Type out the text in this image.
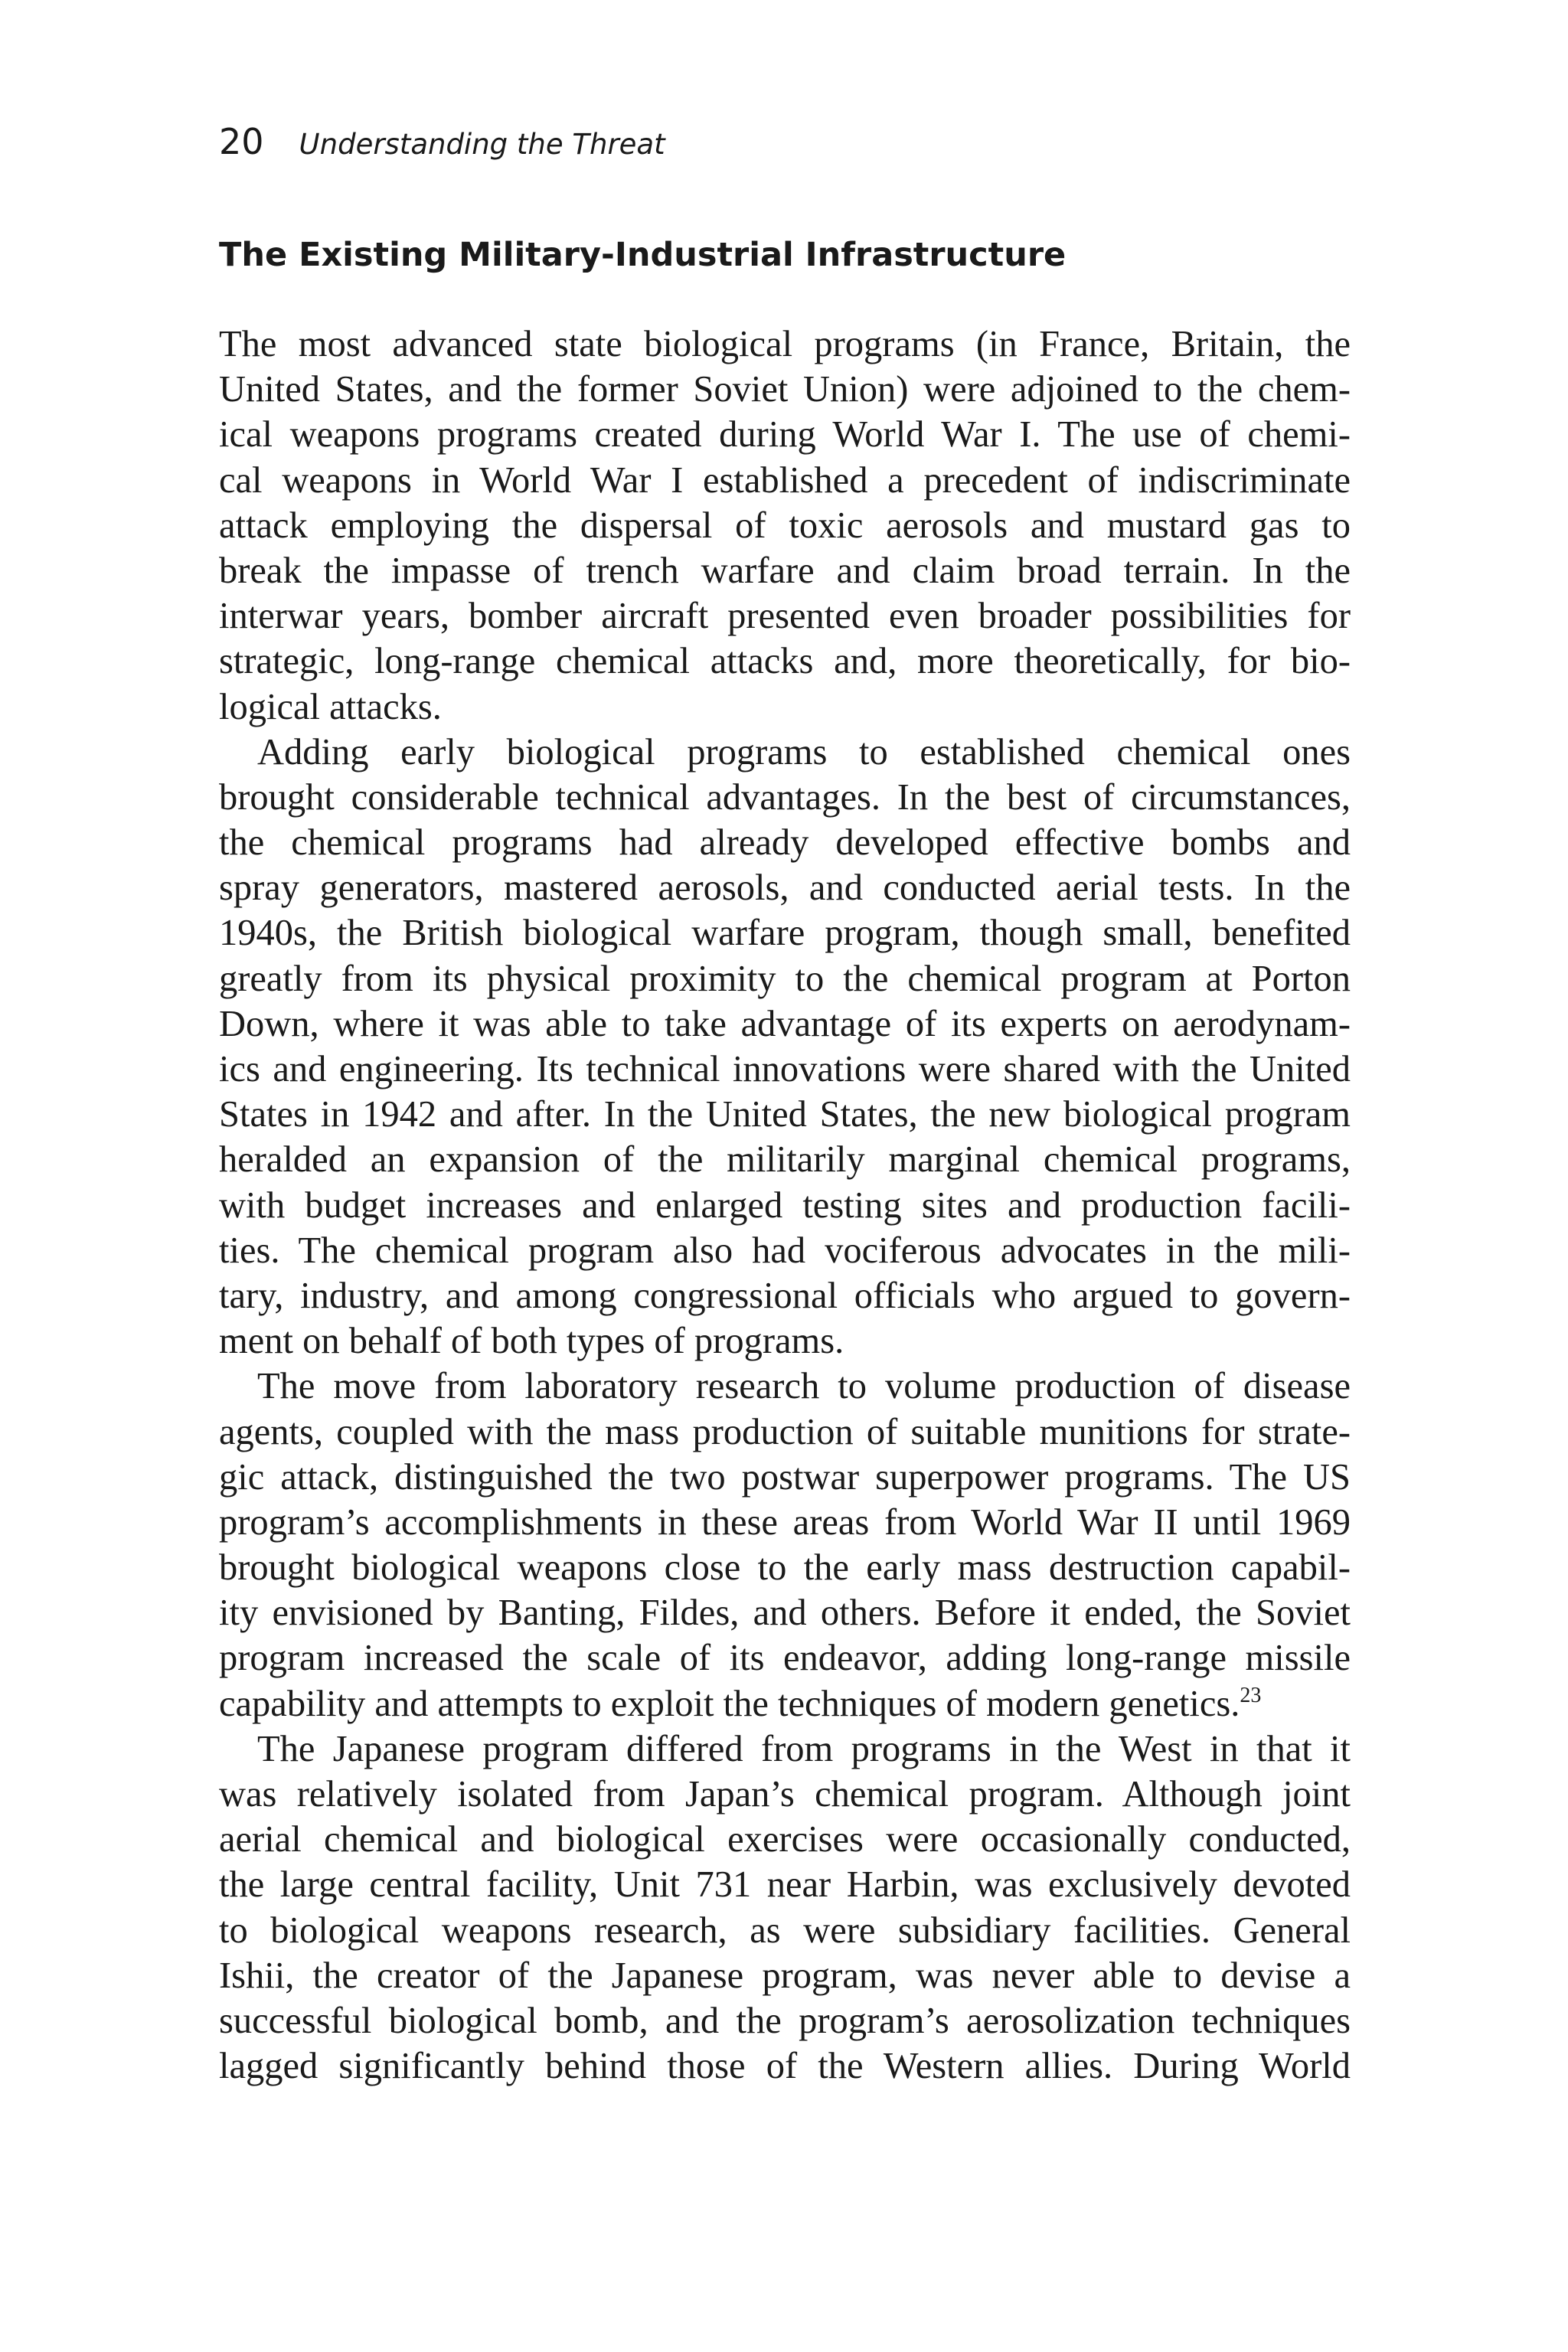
20 Understanding the Threat
The Existing Military-Industrial Infrastructure
The most advanced state biological programs (in France, Britain, the
United States, and the former Soviet Union) were adjoined to the chem-
ical weapons programs created during World War I. The use of chemi-
cal weapons in World War I established a precedent of indiscriminate
attack employing the dispersal of toxic aerosols and mustard gas to
break the impasse of trench warfare and claim broad terrain. In the
interwar years, bomber aircraft presented even broader possibilities for
strategic, long-range chemical attacks and, more theoretically, for bio-
logical attacks.
Adding early biological programs to established chemical ones
brought considerable technical advantages. In the best of circumstances,
the chemical programs had already developed effective bombs and
spray generators, mastered aerosols, and conducted aerial tests. In the
1940s, the British biological warfare program, though small, benefited
greatly from its physical proximity to the chemical program at Porton
Down, where it was able to take advantage of its experts on aerodynam-
ics and engineering. Its technical innovations were shared with the United
States in 1942 and after. In the United States, the new biological program
heralded an expansion of the militarily marginal chemical programs,
with budget increases and enlarged testing sites and production facili-
ties. The chemical program also had vociferous advocates in the mili-
tary, industry, and among congressional officials who argued to govern-
ment on behalf of both types of programs.
The move from laboratory research to volume production of disease
agents, coupled with the mass production of suitable munitions for strate-
gic attack, distinguished the two postwar superpower programs. The US
program’s accomplishments in these areas from World War II until 1969
brought biological weapons close to the early mass destruction capabil-
ity envisioned by Banting, Fildes, and others. Before it ended, the Soviet
program increased the scale of its endeavor, adding long-range missile
capability and attempts to exploit the techniques of modern genetics.$^{23}$
The Japanese program differed from programs in the West in that it
was relatively isolated from Japan’s chemical program. Although joint
aerial chemical and biological exercises were occasionally conducted,
the large central facility, Unit 731 near Harbin, was exclusively devoted
to biological weapons research, as were subsidiary facilities. General
Ishii, the creator of the Japanese program, was never able to devise a
successful biological bomb, and the program’s aerosolization techniques
lagged significantly behind those of the Western allies. During World
